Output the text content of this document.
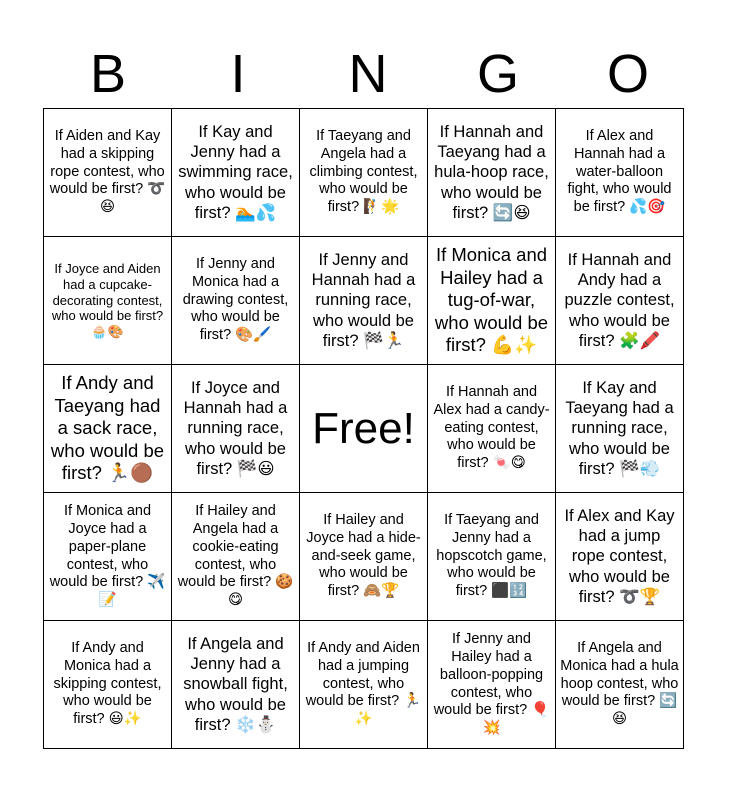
B	I	N	G	O
If Aiden and Kay had a skipping rope contest, who would be first? ➰😆	If Kay and Jenny had a swimming race, who would be first? 🏊💦	If Taeyang and Angela had a climbing contest, who would be first? 🧗🌟	If Hannah and Taeyang had a hula-hoop race, who would be first? 🔄😆	If Alex and Hannah had a water-balloon fight, who would be first? 💦🎯
If Joyce and Aiden had a cupcake-decorating contest, who would be first? 🧁🎨	If Jenny and Monica had a drawing contest, who would be first? 🎨🖌️	If Jenny and Hannah had a running race, who would be first? 🏁🏃	If Monica and Hailey had a tug-of-war, who would be first? 💪✨	If Hannah and Andy had a puzzle contest, who would be first? 🧩🖍️
If Andy and Taeyang had a sack race, who would be first? 🏃🟤	If Joyce and Hannah had a running race, who would be first? 🏁😃	Free!	If Hannah and Alex had a candy-eating contest, who would be first? 🍬😋	If Kay and Taeyang had a running race, who would be first? 🏁💨
If Monica and Joyce had a paper-plane contest, who would be first? ✈️📝	If Hailey and Angela had a cookie-eating contest, who would be first? 🍪😋	If Hailey and Joyce had a hide-and-seek game, who would be first? 🙈🏆	If Taeyang and Jenny had a hopscotch game, who would be first? ⬛🔢	If Alex and Kay had a jump rope contest, who would be first? ➰🏆
If Andy and Monica had a skipping contest, who would be first? 😃✨	If Angela and Jenny had a snowball fight, who would be first? ❄️⛄	If Andy and Aiden had a jumping contest, who would be first? 🏃✨	If Jenny and Hailey had a balloon-popping contest, who would be first? 🎈💥	If Angela and Monica had a hula hoop contest, who would be first? 🔄😆
